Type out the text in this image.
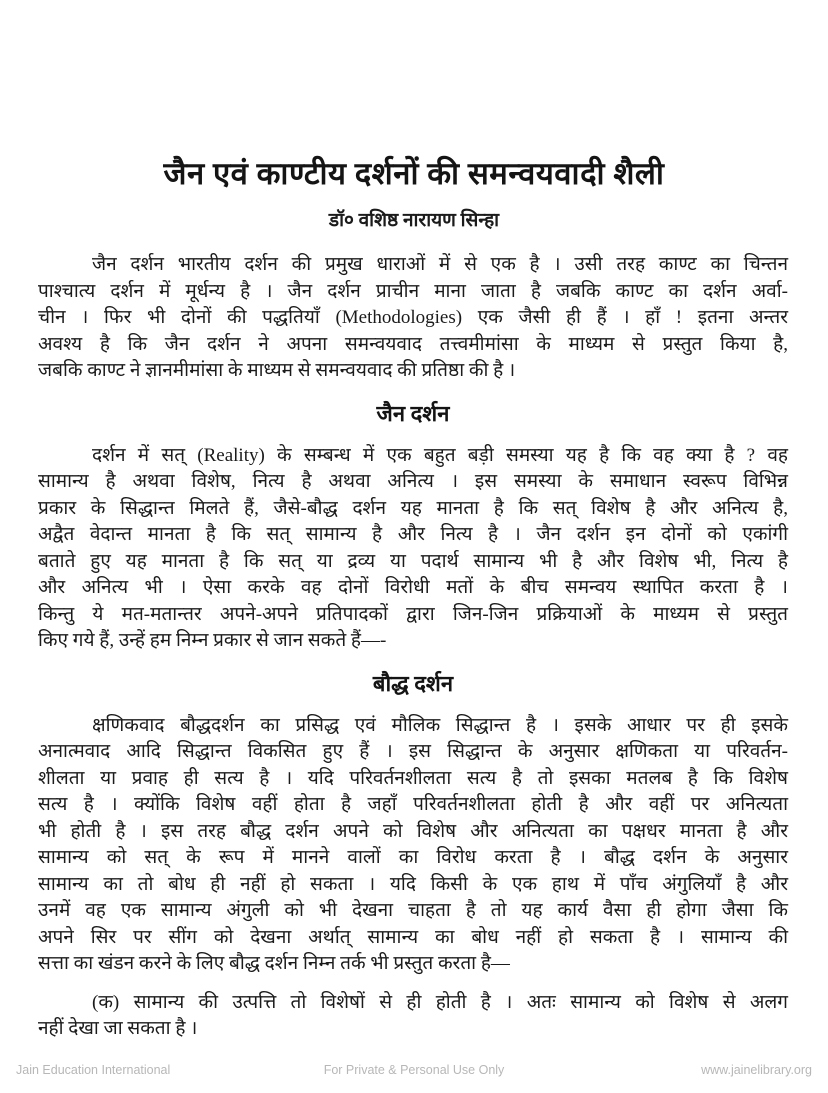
जैन एवं काण्टीय दर्शनों की समन्वयवादी शैली
डॉ० वशिष्ठ नारायण सिन्हा
जैन दर्शन भारतीय दर्शन की प्रमुख धाराओं में से एक है । उसी तरह काण्ट का चिन्तन
पाश्चात्य दर्शन में मूर्धन्य है । जैन दर्शन प्राचीन माना जाता है जबकि काण्ट का दर्शन अर्वा-
चीन । फिर भी दोनों की पद्धतियाँ (Methodologies) एक जैसी ही हैं । हाँ ! इतना अन्तर
अवश्य है कि जैन दर्शन ने अपना समन्वयवाद तत्त्वमीमांसा के माध्यम से प्रस्तुत किया है,
जबकि काण्ट ने ज्ञानमीमांसा के माध्यम से समन्वयवाद की प्रतिष्ठा की है ।
जैन दर्शन
दर्शन में सत् (Reality) के सम्बन्ध में एक बहुत बड़ी समस्या यह है कि वह क्या है ? वह
सामान्य है अथवा विशेष, नित्य है अथवा अनित्य । इस समस्या के समाधान स्वरूप विभिन्न
प्रकार के सिद्धान्त मिलते हैं, जैसे-बौद्ध दर्शन यह मानता है कि सत् विशेष है और अनित्य है,
अद्वैत वेदान्त मानता है कि सत् सामान्य है और नित्य है । जैन दर्शन इन दोनों को एकांगी
बताते हुए यह मानता है कि सत् या द्रव्य या पदार्थ सामान्य भी है और विशेष भी, नित्य है
और अनित्य भी । ऐसा करके वह दोनों विरोधी मतों के बीच समन्वय स्थापित करता है ।
किन्तु ये मत-मतान्तर अपने-अपने प्रतिपादकों द्वारा जिन-जिन प्रक्रियाओं के माध्यम से प्रस्तुत
किए गये हैं, उन्हें हम निम्न प्रकार से जान सकते हैं—-
बौद्ध दर्शन
क्षणिकवाद बौद्धदर्शन का प्रसिद्ध एवं मौलिक सिद्धान्त है । इसके आधार पर ही इसके
अनात्मवाद आदि सिद्धान्त विकसित हुए हैं । इस सिद्धान्त के अनुसार क्षणिकता या परिवर्तन-
शीलता या प्रवाह ही सत्य है । यदि परिवर्तनशीलता सत्य है तो इसका मतलब है कि विशेष
सत्य है । क्योंकि विशेष वहीं होता है जहाँ परिवर्तनशीलता होती है और वहीं पर अनित्यता
भी होती है । इस तरह बौद्ध दर्शन अपने को विशेष और अनित्यता का पक्षधर मानता है और
सामान्य को सत् के रूप में मानने वालों का विरोध करता है । बौद्ध दर्शन के अनुसार
सामान्य का तो बोध ही नहीं हो सकता । यदि किसी के एक हाथ में पाँच अंगुलियाँ है और
उनमें वह एक सामान्य अंगुली को भी देखना चाहता है तो यह कार्य वैसा ही होगा जैसा कि
अपने सिर पर सींग को देखना अर्थात् सामान्य का बोध नहीं हो सकता है । सामान्य की
सत्ता का खंडन करने के लिए बौद्ध दर्शन निम्न तर्क भी प्रस्तुत करता है—
(क) सामान्य की उत्पत्ति तो विशेषों से ही होती है । अतः सामान्य को विशेष से अलग
नहीं देखा जा सकता है ।
For Private & Personal Use Only
Jain Education International	www.jainelibrary.org
